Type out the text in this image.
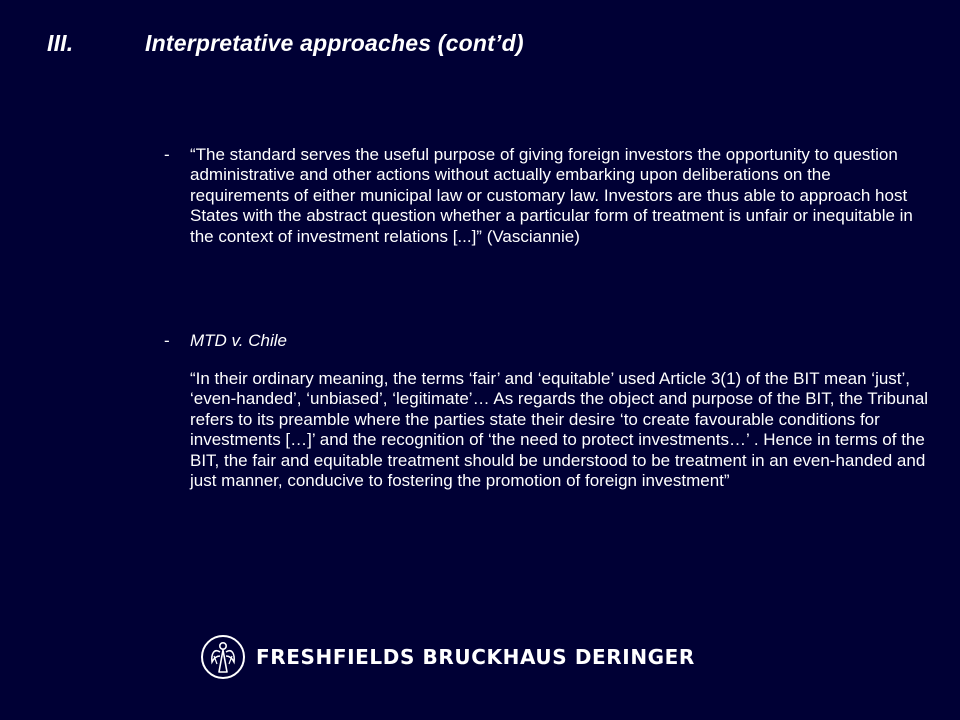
III.	Interpretative approaches (cont’d)
- “The standard serves the useful purpose of giving foreign investors the opportunity to question administrative and other actions without actually embarking upon deliberations on the requirements of either municipal law or customary law. Investors are thus able to approach host States with the abstract question whether a particular form of treatment is unfair or inequitable in the context of investment relations [...]” (Vasciannie)
- MTD v. Chile
“In their ordinary meaning, the terms ‘fair’ and ‘equitable’ used Article 3(1) of the BIT mean ‘just’, ‘even-handed’, ‘unbiased’, ‘legitimate’… As regards the object and purpose of the BIT, the Tribunal refers to its preamble where the parties state their desire ‘to create favourable conditions for investments […]’ and the recognition of ‘the need to protect investments…’ . Hence in terms of the BIT, the fair and equitable treatment should be understood to be treatment in an even-handed and just manner, conducive to fostering the promotion of foreign investment”
FRESHFIELDS BRUCKHAUS DERINGER
